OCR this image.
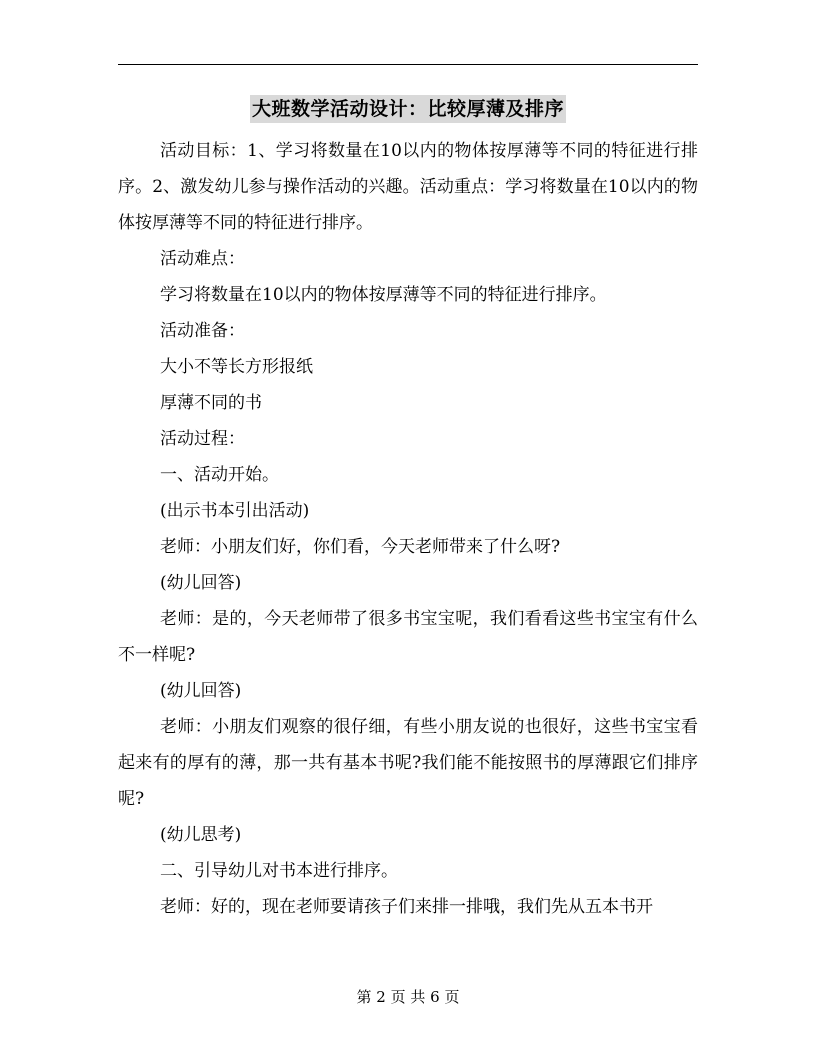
大班数学活动设计：比较厚薄及排序

活动目标：1、学习将数量在10以内的物体按厚薄等不同的特征进行排序。2、激发幼儿参与操作活动的兴趣。活动重点：学习将数量在10以内的物体按厚薄等不同的特征进行排序。

活动难点：

学习将数量在10以内的物体按厚薄等不同的特征进行排序。

活动准备：

大小不等长方形报纸

厚薄不同的书

活动过程：

一、活动开始。

(出示书本引出活动)

老师：小朋友们好，你们看，今天老师带来了什么呀?

(幼儿回答)

老师：是的，今天老师带了很多书宝宝呢，我们看看这些书宝宝有什么不一样呢?

(幼儿回答)

老师：小朋友们观察的很仔细，有些小朋友说的也很好，这些书宝宝看起来有的厚有的薄，那一共有基本书呢?我们能不能按照书的厚薄跟它们排序呢?

(幼儿思考)

二、引导幼儿对书本进行排序。

老师：好的，现在老师要请孩子们来排一排哦，我们先从五本书开

第 2 页 共 6 页
